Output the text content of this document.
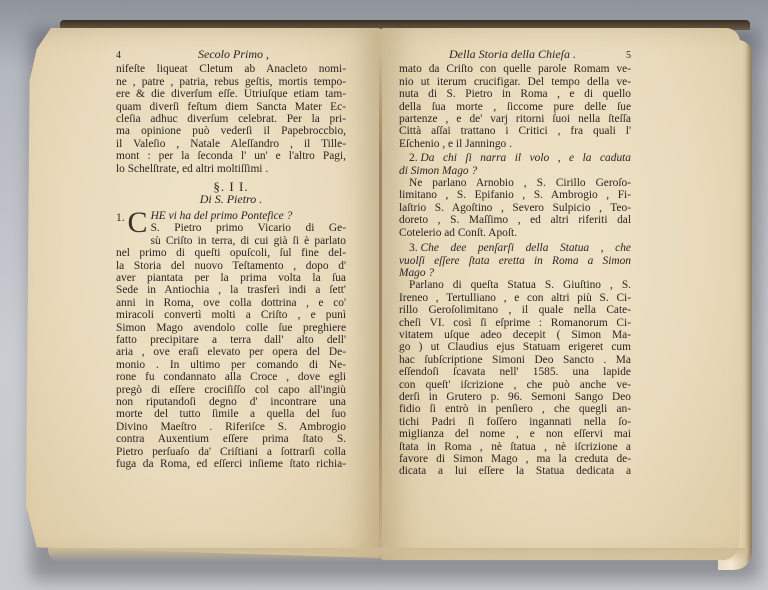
4	Secolo Primo ,
nifeſte liqueat Cletum ab Anacleto nomi-
ne , patre , patria, rebus geſtis, mortis tempo-
ere & die diverſum eſſe. Utriuſque etiam tam-
quam diverſi feſtum diem Sancta Mater Ec-
cleſia adhuc diverſum celebrat. Per la pri-
ma opinione può vederſi il Papebroccbio,
il Valeſio , Natale Aleſſandro , il Tille-
mont : per la ſeconda l' un' e l'altro Pagi,
lo Schelſtrate, ed altri moltiſſimi .
§. I I.
Di S. Pietro .
1. C HE vi ha del primo Pontefice ?
S. Pietro primo Vicario di Ge-
sù Criſto in terra, di cui già ſi è parlato
nel primo di queſti opuſcoli, ſul fine del-
la Storia del nuovo Teſtamento , dopo d'
aver piantata per la prima volta la ſua
Sede in Antiochia , la trasferì indi a ſett'
anni in Roma, ove colla dottrina , e co'
miracoli convertì molti a Criſto , e punì
Simon Mago avendolo colle ſue preghiere
fatto precipitare a terra dall' alto dell'
aria , ove eraſi elevato per opera del De-
monio . In ultimo per comando di Ne-
rone fu condannato alla Croce , dove egli
pregò di eſſere crociſiſſo col capo all'ingiù
non riputandoſi degno d' incontrare una
morte del tutto ſimile a quella del ſuo
Divino Maeſtro . Riferiſce S. Ambrogio
contra Auxentium eſſere prima ſtato S.
Pietro perſuaſo da' Criſtiani a ſottrarſi colla
fuga da Roma, ed eſſerci inſieme ſtato richia-
Della Storia della Chieſa .	5
mato da Criſto con quelle parole Romam ve-
nio ut iterum crucifigar. Del tempo della ve-
nuta di S. Pietro in Roma , e di quello
della ſua morte , ſiccome pure delle ſue
partenze , e de' varj ritorni ſuoi nella ſteſſa
Città aſſai trattano i Critici , fra quali l'
Eſchenio , e il Janningo .
2. Da chi ſi narra il volo , e la caduta
di Simon Mago ?
Ne parlano Arnobio , S. Cirillo Geroſo-
limitano , S. Epifanio , S. Ambrogio , Fi-
laſtrio S. Agoſtino , Severo Sulpicio , Teo-
doreto , S. Maſſimo , ed altri riferiti dal
Cotelerio ad Conſt. Apoſt.
3. Che dee penſarſi della Statua , che
vuolſi eſſere ſtata eretta in Roma a Simon
Mago ?
Parlano di queſta Statua S. Giuſtino , S.
Ireneo , Tertulliano , e con altri più S. Ci-
rillo Geroſolimitano , il quale nella Cate-
cheſi VI. così ſi eſprime : Romanorum Ci-
vitatem uſque adeo decepit ( Simon Ma-
go ) ut Claudius ejus Statuam erigeret cum
hac ſubſcriptione Simoni Deo Sancto . Ma
eſſendoſi ſcavata nell' 1585. una lapide
con queſt' iſcrizione , che può anche ve-
derſi in Grutero p. 96. Semoni Sango Deo
fidio ſi entrò in penſiero , che quegli an-
tichi Padri ſi foſſero ingannati nella ſo-
miglianza del nome , e non eſſervi mai
ſtata in Roma , nè ſtatua , nè iſcrizione a
favore di Simon Mago , ma la creduta de-
dicata a lui eſſere la Statua dedicata a
